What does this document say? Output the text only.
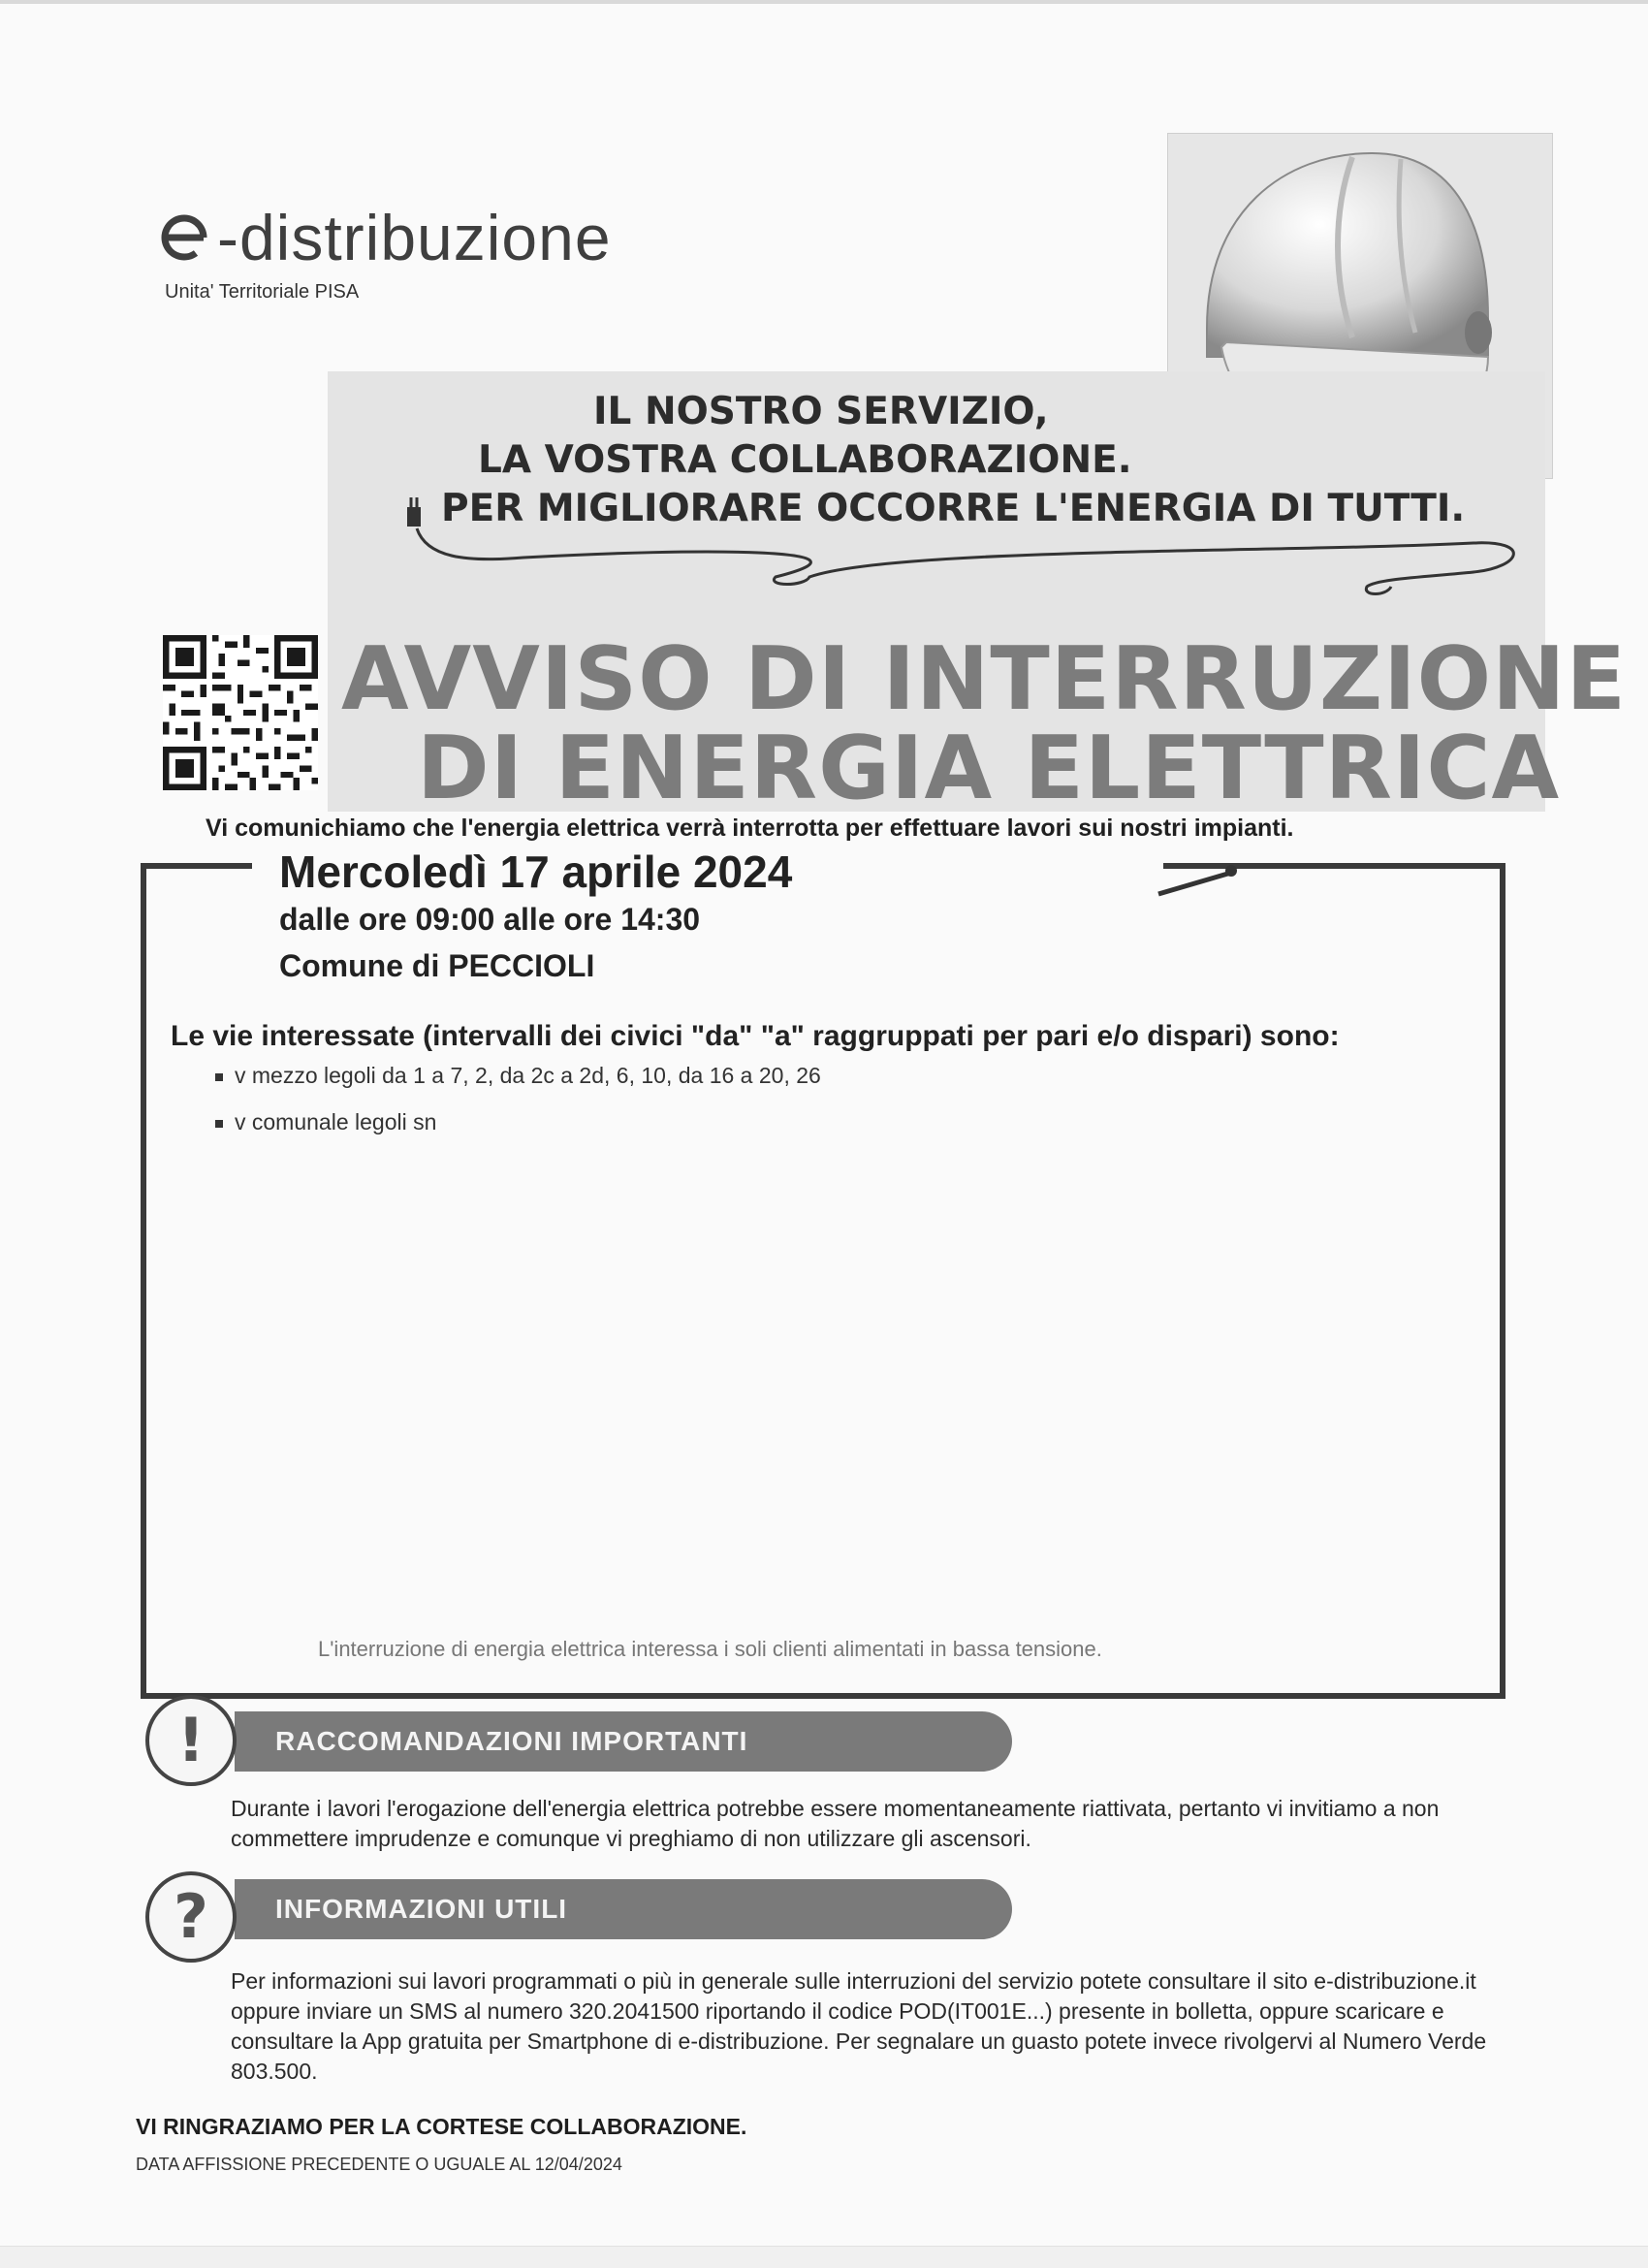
-distribuzione
Unita' Territoriale PISA
IL NOSTRO SERVIZIO,
LA VOSTRA COLLABORAZIONE.
PER MIGLIORARE OCCORRE L'ENERGIA DI TUTTI.
AVVISO DI INTERRUZIONE
DI ENERGIA ELETTRICA
Vi comunichiamo che l'energia elettrica verrà interrotta per effettuare lavori sui nostri impianti.
Mercoledì 17 aprile 2024
dalle ore 09:00 alle ore 14:30
Comune di PECCIOLI
Le vie interessate (intervalli dei civici "da" "a" raggruppati per pari e/o dispari) sono:
v mezzo legoli da 1 a 7, 2, da 2c a 2d, 6, 10, da 16 a 20, 26
v comunale legoli sn
L'interruzione di energia elettrica interessa i soli clienti alimentati in bassa tensione.
RACCOMANDAZIONI IMPORTANTI
!
Durante i lavori l'erogazione dell'energia elettrica potrebbe essere momentaneamente riattivata, pertanto vi invitiamo a non commettere imprudenze e comunque vi preghiamo di non utilizzare gli ascensori.
INFORMAZIONI UTILI
?
Per informazioni sui lavori programmati o più in generale sulle interruzioni del servizio potete consultare il sito e-distribuzione.it oppure inviare un SMS al numero 320.2041500 riportando il codice POD(IT001E...) presente in bolletta, oppure scaricare e consultare la App gratuita per Smartphone di e-distribuzione. Per segnalare un guasto potete invece rivolgervi al Numero Verde 803.500.
VI RINGRAZIAMO PER LA CORTESE COLLABORAZIONE.
DATA AFFISSIONE PRECEDENTE O UGUALE AL 12/04/2024
